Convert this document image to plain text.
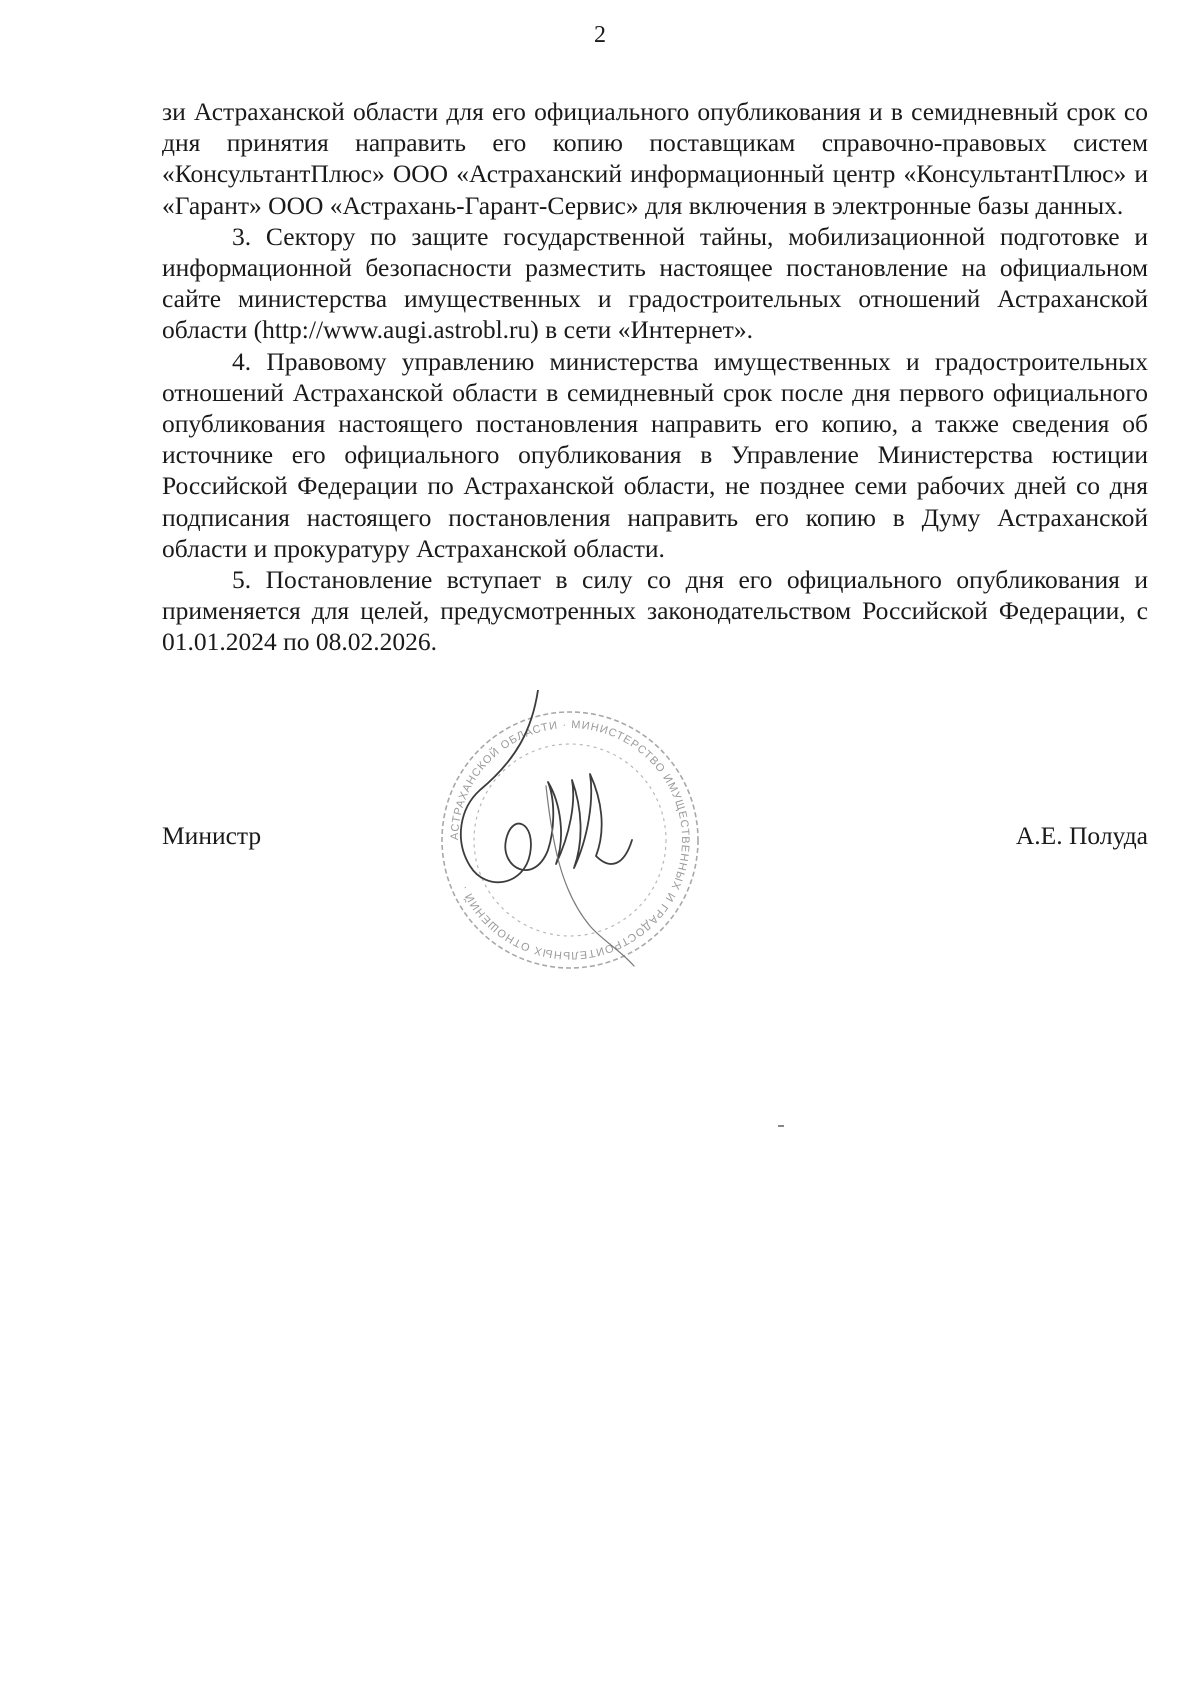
2

зи Астраханской области для его официального опубликования и в семидневный срок со дня принятия направить его копию поставщикам справочно-правовых систем «КонсультантПлюс» ООО «Астраханский информационный центр «КонсультантПлюс» и «Гарант» ООО «Астрахань-Гарант-Сервис» для включения в электронные базы данных.

3. Сектору по защите государственной тайны, мобилизационной подготовке и информационной безопасности разместить настоящее постановление на официальном сайте министерства имущественных и градостроительных отношений Астраханской области (http://www.augi.astrobl.ru) в сети «Интернет».

4. Правовому управлению министерства имущественных и градостроительных отношений Астраханской области в семидневный срок после дня первого официального опубликования настоящего постановления направить его копию, а также сведения об источнике его официального опубликования в Управление Министерства юстиции Российской Федерации по Астраханской области, не позднее семи рабочих дней со дня подписания настоящего постановления направить его копию в Думу Астраханской области и прокуратуру Астраханской области.

5. Постановление вступает в силу со дня его официального опубликования и применяется для целей, предусмотренных законодательством Российской Федерации, с 01.01.2024 по 08.02.2026.

АСТРАХАНСКОЙ ОБЛАСТИ · МИНИСТЕРСТВО ИМУЩЕСТВЕННЫХ И ГРАДОСТРОИТЕЛЬНЫХ ОТНОШЕНИЙ ·
Министр	А.Е. Полуда
